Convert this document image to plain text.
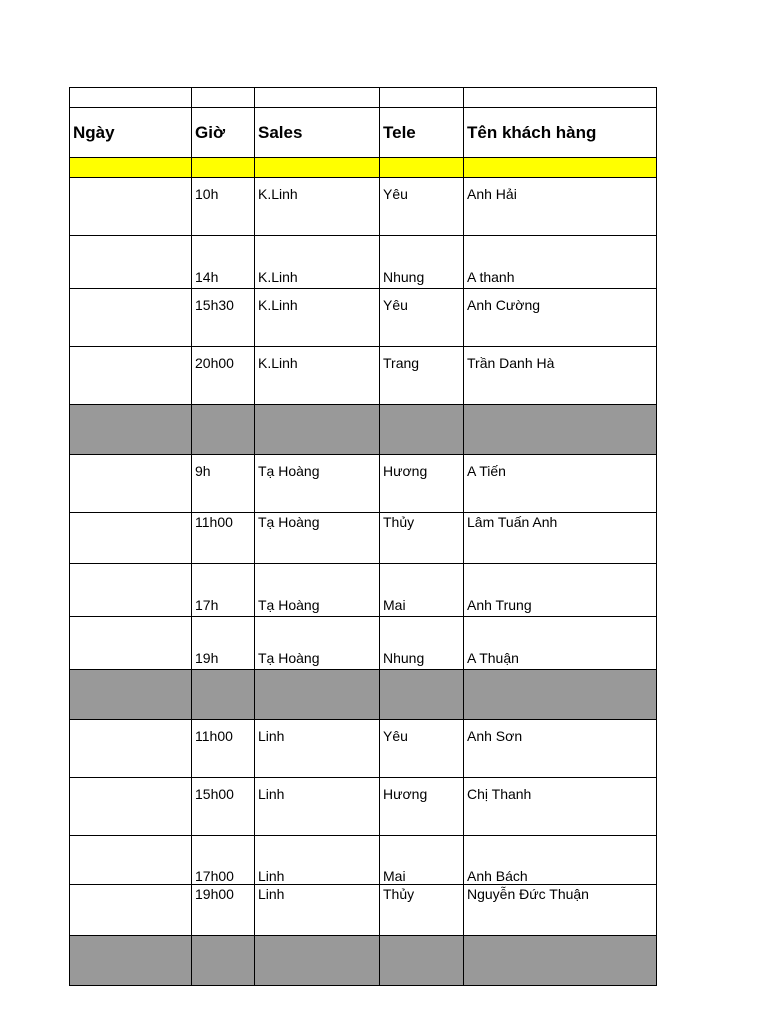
Ngày	Giờ	Sales	Tele	Tên khách hàng

	10h	K.Linh	Yêu	Anh Hải
	14h	K.Linh	Nhung	A thanh
	15h30	K.Linh	Yêu	Anh Cường
	20h00	K.Linh	Trang	Trần Danh Hà

	9h	Tạ Hoàng	Hương	A Tiến
	11h00	Tạ Hoàng	Thủy	Lâm Tuấn Anh
	17h	Tạ Hoàng	Mai	Anh Trung
	19h	Tạ Hoàng	Nhung	A Thuận

	11h00	Linh	Yêu	Anh Sơn
	15h00	Linh	Hương	Chị Thanh
	17h00	Linh	Mai	Anh Bách
	19h00	Linh	Thủy	Nguyễn Đức Thuận
